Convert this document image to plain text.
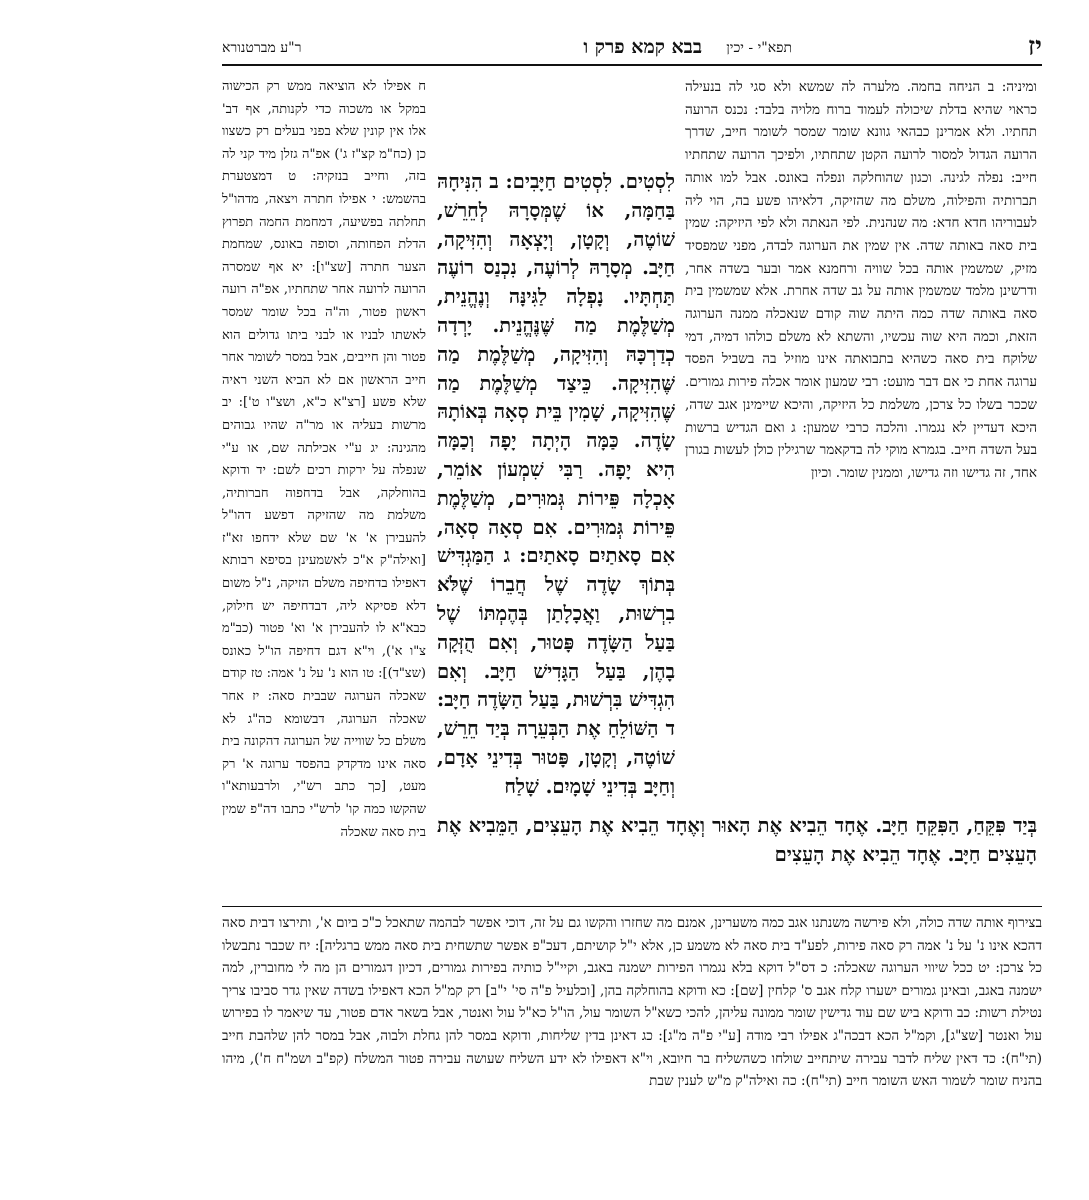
יז
בבא קמא פרק ו תפא"י - יכין
ר"ע מברטנורא

ומיניה: ב הניחה בחמה. מלערה לה שמשא ולא סגי לה בנעילה כראוי שהיא בדלת שיכולה לעמוד ברוח מלויה בלבד: נכנס הרועה תחתיו. ולא אמרינן כבהאי גוונא שומר שמסר לשומר חייב, שדרך הרועה הגדול למסור לרועה הקטן שתחתיו, ולפיכך הרועה שתחתיו חייב: נפלה לגינה. וכגון שהוחלקה ונפלה באונס. אבל למו אותה תברותיה והפילוה, משלם מה שהזיקה, דלאיהו פשע בה, הוי ליה לעבוריהו חדא חדא: מה שנהנית. לפי הנאתה ולא לפי היזיקה: שמין בית סאה באותה שדה. אין שמין את הערוגה לבדה, מפני שמפסיד מזיק, שמשמין אותה בכל שוויה ורחמנא אמר ובער בשדה אחר, ודרשינן מלמד שמשמין אותה על גב שדה אחרת. אלא שמשמין בית סאה באותה שדה כמה היתה שוה קודם שנאכלה ממנה הערוגה הזאת, וכמה היא שוה עכשיו, והשתא לא משלם כולהו דמיה, דמי שלוקח בית סאה כשהיא בתבואתה אינו מוזיל בה בשביל הפסד ערוגה אחת כי אם דבר מועט: רבי שמעון אומר אכלה פירות גמורים. שככר בשלו כל צרכן, משלמת כל היזיקה, והיכא שיימינן אגב שדה, היכא דעדיין לא נגמרו. והלכה כרבי שמעון: ג ואם הגדיש ברשות בעל השדה חייב. בגמרא מוקי לה בדקאמר שרגילין כולן לעשות בגורן אחד, זה גדישו וזה גדישו, וממנין שומר. וכיון

לִסְטִים. לִסְטִים חַיָּבִים: ב הִנִּיחָהּ בַּחַמָּה, אוֹ שֶׁמְּסָרָהּ לְחֵרֵשׁ, שׁוֹטֶה, וְקָטָן, וְיָצְאָה וְהִזִּיקָה, חַיָּב. מְסָרָהּ לְרוֹעֶה, נִכְנַס רוֹעֶה תַּחְתָּיו. נָפְלָה לַגִּינָּה וְנֶהֱנֵית, מְשַׁלֶּמֶת מַה שֶּׁנֶּהֱנֵית. יָרְדָה כְדַרְכָּהּ וְהִזִּיקָה, מְשַׁלֶּמֶת מַה שֶּׁהִזִּיקָה. כֵּיצַד מְשַׁלֶּמֶת מַה שֶּׁהִזִּיקָה, שָׁמִין בֵּית סְאָה בְּאוֹתָהּ שָׂדֶה. כַּמָּה הָיְתָה יָפָה וְכַמָּה הִיא יָפָה. רַבִּי שִׁמְעוֹן אוֹמֵר, אָכְלָה פֵּירוֹת גְּמוּרִים, מְשַׁלֶּמֶת פֵּירוֹת גְּמוּרִים. אִם סְאָה סְאָה, אִם סָאתַיִם סָאתַיִם: ג הַמַּגְדִּישׁ בְּתוֹךְ שָׂדֶה שֶׁל חֲבֵרוֹ שֶׁלֹּא בִרְשׁוּת, וַאֲכָלָתַן בְּהֶמְתּוֹ שֶׁל בַּעַל הַשָּׂדֶה פָּטוּר, וְאִם הֻזְּקָה בָהֶן, בַּעַל הַגָּדִישׁ חַיָּב. וְאִם הִגְדִּישׁ בִּרְשׁוּת, בַּעַל הַשָּׂדֶה חַיָּב: ד הַשּׁוֹלֵחַ אֶת הַבְּעֵרָה בְּיַד חֵרֵשׁ, שׁוֹטֶה, וְקָטָן, פָּטוּר בְּדִינֵי אָדָם, וְחַיָּב בְּדִינֵי שָׁמָיִם. שָׁלַח

בְּיַד פִּקֵּחַ, הַפִּקֵּחַ חַיָּב. אֶחָד הֵבִיא אֶת הָאוּר וְאֶחָד הֵבִיא אֶת הָעֵצִים, הַמֵּבִיא אֶת הָעֵצִים חַיָּב. אֶחָד הֵבִיא אֶת הָעֵצִים

ח אפילו לא הוציאה ממש רק הכישוה במקל או משכוה כדי לקנותה, אף דב' אלו אין קונין שלא בפני בעלים רק כשצוו כן (כח"מ קצ"ז ג') אפ"ה גזלן מיד קני לה בזה, וחייב בנזקיה: ט דמצטערת בהשמש: י אפילו חתרה ויצאה, מדהו"ל תחלתה בפשיעה, דמחמת החמה תפרוץ הדלת הפחותה, וסופה באונס, שמחמת הצער חתרה [שצ"ו]: יא אף שמסרה הרועה לרועה אחר שתחתיו, אפ"ה רועה ראשון פטור, וה"ה בכל שומר שמסר לאשתו לבניו או לבני ביתו גדולים הוא פטור והן חייבים, אבל במסר לשומר אחר חייב הראשון אם לא הביא השני ראיה שלא פשע [רצ"א כ"א, ושצ"ו ט']: יב מרשות בעליה או מר"ה שהיו גבוהים מהגינה: יג ע"י אכילתה שם, או ע"י שנפלה על ירקות רכים לשם: יד ודוקא בהוחלקה, אבל בדחפוה חברותיה, משלמת מה שהזיקה דפשע דהו"ל להעבירן א' א' שם שלא ידחפו זא"ז [ואילה"ק א"כ לאשמעינן בסיפא רבותא דאפילו בדחיפה משלם הזיקה, נ"ל משום דלא פסיקא ליה, דבדחיפה יש חילוק, כבא"א לו להעבירן א' וא' פטור (כב"מ צ"ו א'), וי"א דגם דחיפה הו"ל כאונס (שצ"ד)]: טו הוא נ' על נ' אמה: טז קודם שאכלה הערוגה שבבית סאה: יז אחר שאכלה הערוגה, דבשומא כה"ג לא משלם כל שווייה של הערוגה דהקונה בית סאה אינו מדקדק בהפסד ערוגה א' רק מעט, [כך כתב רש"י, ולרבעותא"ו שהקשו כמה קו' לרש"י כתבו דה"פ שמין בית סאה שאכלה

בצירוף אותה שדה כולה, ולא פירשה משנתנו אגב כמה משערינן, אמנם מה שחזרו והקשו גם על זה, דוכי אפשר לבהמה שתאכל כ"כ ביום א', ותירצו דבית סאה דהכא אינו נ' על נ' אמה רק סאה פירות, לפע"ד בית סאה לא משמע כן, אלא י"ל קושיתם, דעכ"פ אפשר שתשחית בית סאה ממש ברגליה]: יח שכבר נתבשלו כל צרכן: יט ככל שיווי הערוגה שאכלה: כ דס"ל דוקא בלא נגמרו הפירות ישמנה באגב, וקיי"ל כותיה בפירות גמורים, דכיון דגמורים הן מה לי מחוברין, למה ישמנה באגב, ובאינן גמורים ישערו קלח אגב ס' קלחין [שם]: כא ודוקא בהוחלקה בהן, [וכלעיל פ"ה סי' י"ב] רק קמ"ל הכא דאפילו בשדה שאין גדר סביבו צריך נטילת רשות: כב ודוקא ביש שם עוד גדישין שומר ממונה עליהן, להכי כשא"ל השומר עול, הו"ל כא"ל עול ואנטר, אבל בשאר אדם פטור, עד שיאמר לו בפירוש עול ואנטר [שצ"ג], וקמ"ל הכא דבכה"ג אפילו רבי מודה [ע"י פ"ה מ"ג]: כג דאינן בדין שליחות, ודוקא במסר להן גחלת ולבוה, אבל במסר להן שלהבת חייב (תי"ח): כד דאין שליח לדבר עבירה שיתחייב שולחו כשהשליח בר חיובא, וי"א דאפילו לא ידע השליח שעושה עבירה פטור המשלח (קפ"ב ושמ"ח ח'), מיהו בהניח שומר לשמור האש השומר חייב (תי"ח): כה ואילה"ק מ"ש לענין שבת
